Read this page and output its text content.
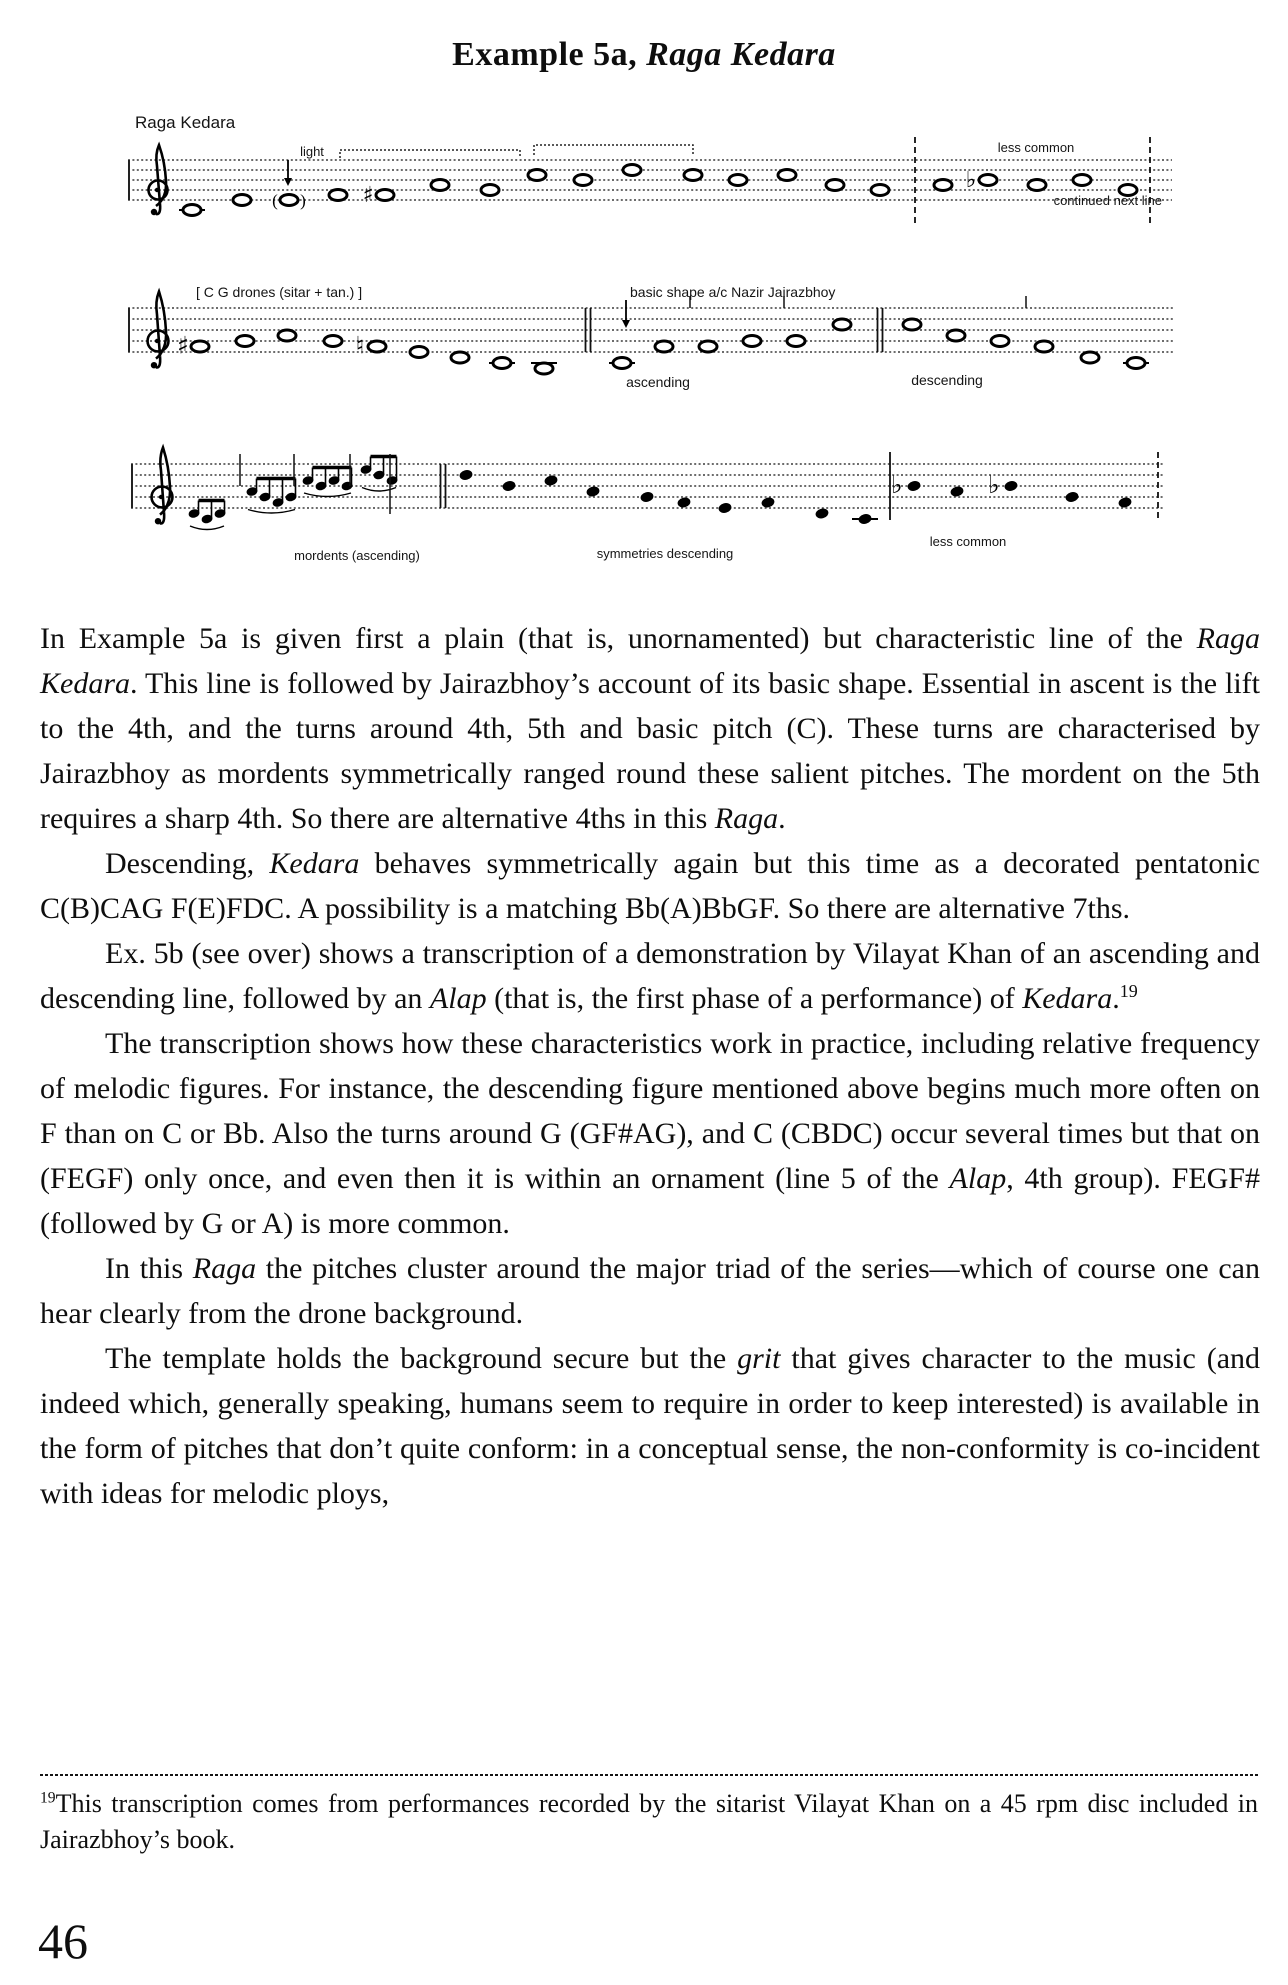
Example 5a, Raga Kedara
( )	♯
♭
♯	♮
♭	♭
Raga Kedara
light	less common
continued next line
[ C G drones (sitar + tan.) ]	basic shape a/c Nazir Jairazbhoy
ascending	descending
mordents (ascending)	symmetries descending
less common

In Example 5a is given first a plain (that is, unornamented) but characteristic line of the Raga Kedara. This line is followed by Jairazbhoy’s account of its basic shape. Essential in ascent is the lift to the 4th, and the turns around 4th, 5th and basic pitch (C). These turns are characterised by Jairazbhoy as mordents symmetrically ranged round these salient pitches. The mordent on the 5th requires a sharp 4th. So there are alternative 4ths in this Raga.

Descending, Kedara behaves symmetrically again but this time as a decorated pentatonic C(B)CAG F(E)FDC. A possibility is a matching Bb(A)BbGF. So there are alternative 7ths.

Ex. 5b (see over) shows a transcription of a demonstration by Vilayat Khan of an ascending and descending line, followed by an Alap (that is, the first phase of a performance) of Kedara.$^{19}$

The transcription shows how these characteristics work in practice, including relative frequency of melodic figures. For instance, the descending figure mentioned above begins much more often on F than on C or Bb. Also the turns around G (GF#AG), and C (CBDC) occur several times but that on (FEGF) only once, and even then it is within an ornament (line 5 of the Alap, 4th group). FEGF# (followed by G or A) is more common.

In this Raga the pitches cluster around the major triad of the series—which of course one can hear clearly from the drone background.

The template holds the background secure but the grit that gives character to the music (and indeed which, generally speaking, humans seem to require in order to keep interested) is available in the form of pitches that don’t quite conform: in a conceptual sense, the non-conformity is co-incident with ideas for melodic ploys,

$^{19}$This transcription comes from performances recorded by the sitarist Vilayat Khan on a 45 rpm disc included in Jairazbhoy’s book.
46
